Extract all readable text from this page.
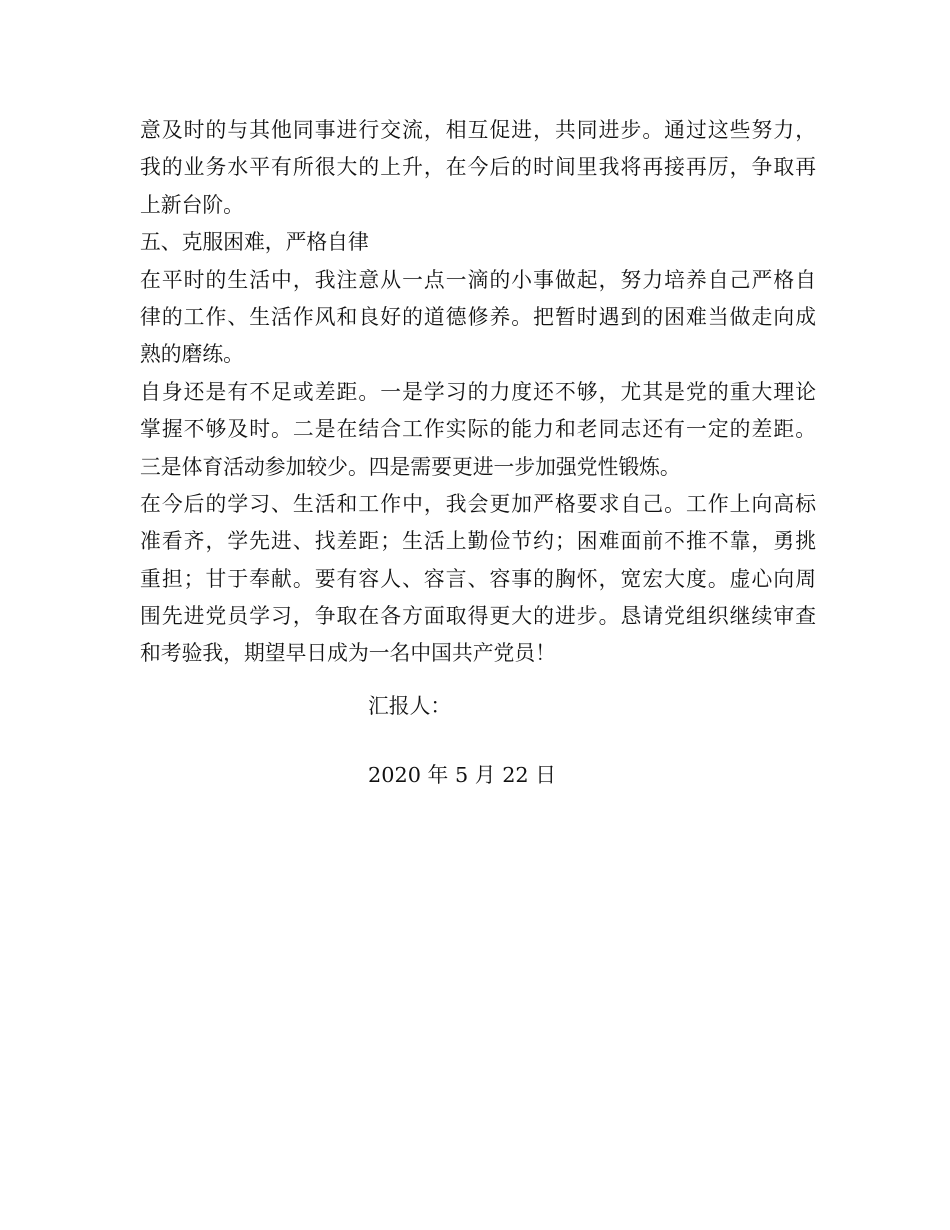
意及时的与其他同事进行交流，相互促进，共同进步。通过这些努力，
我的业务水平有所很大的上升，在今后的时间里我将再接再厉，争取再
上新台阶。
五、克服困难，严格自律
在平时的生活中，我注意从一点一滴的小事做起，努力培养自己严格自
律的工作、生活作风和良好的道德修养。把暂时遇到的困难当做走向成
熟的磨练。
自身还是有不足或差距。一是学习的力度还不够，尤其是党的重大理论
掌握不够及时。二是在结合工作实际的能力和老同志还有一定的差距。
三是体育活动参加较少。四是需要更进一步加强党性锻炼。
在今后的学习、生活和工作中，我会更加严格要求自己。工作上向高标
准看齐，学先进、找差距；生活上勤俭节约；困难面前不推不靠，勇挑
重担；甘于奉献。要有容人、容言、容事的胸怀，宽宏大度。虚心向周
围先进党员学习，争取在各方面取得更大的进步。恳请党组织继续审查
和考验我，期望早日成为一名中国共产党员！
汇报人：
2020 年 5 月 22 日
